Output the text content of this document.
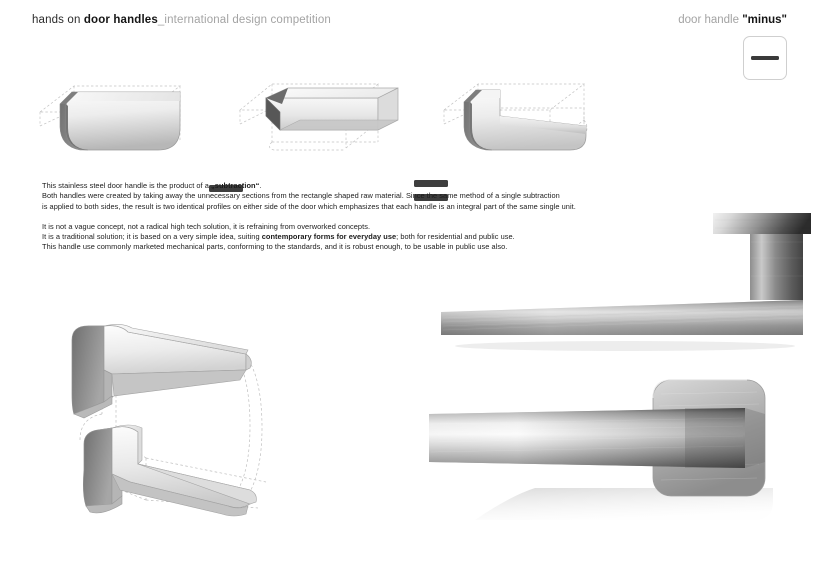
hands on door handles_international design competition	door handle "minus"

This stainless steel door handle is the product of a „subtraction“.

Both handles were created by taking away the unnecessary sections from the rectangle shaped raw material. Since the same method of a single subtraction

is applied to both sides, the result is two identical profiles on either side of the door which emphasizes that each handle is an integral part of the same single unit.

It is not a vague concept, not a radical high tech solution, it is refraining from overworked concepts.

It is a traditional solution; it is based on a very simple idea, suiting contemporary forms for everyday use; both for residential and public use.

This handle use commonly marketed mechanical parts, conforming to the standards, and it is robust enough, to be usable in public use also.
